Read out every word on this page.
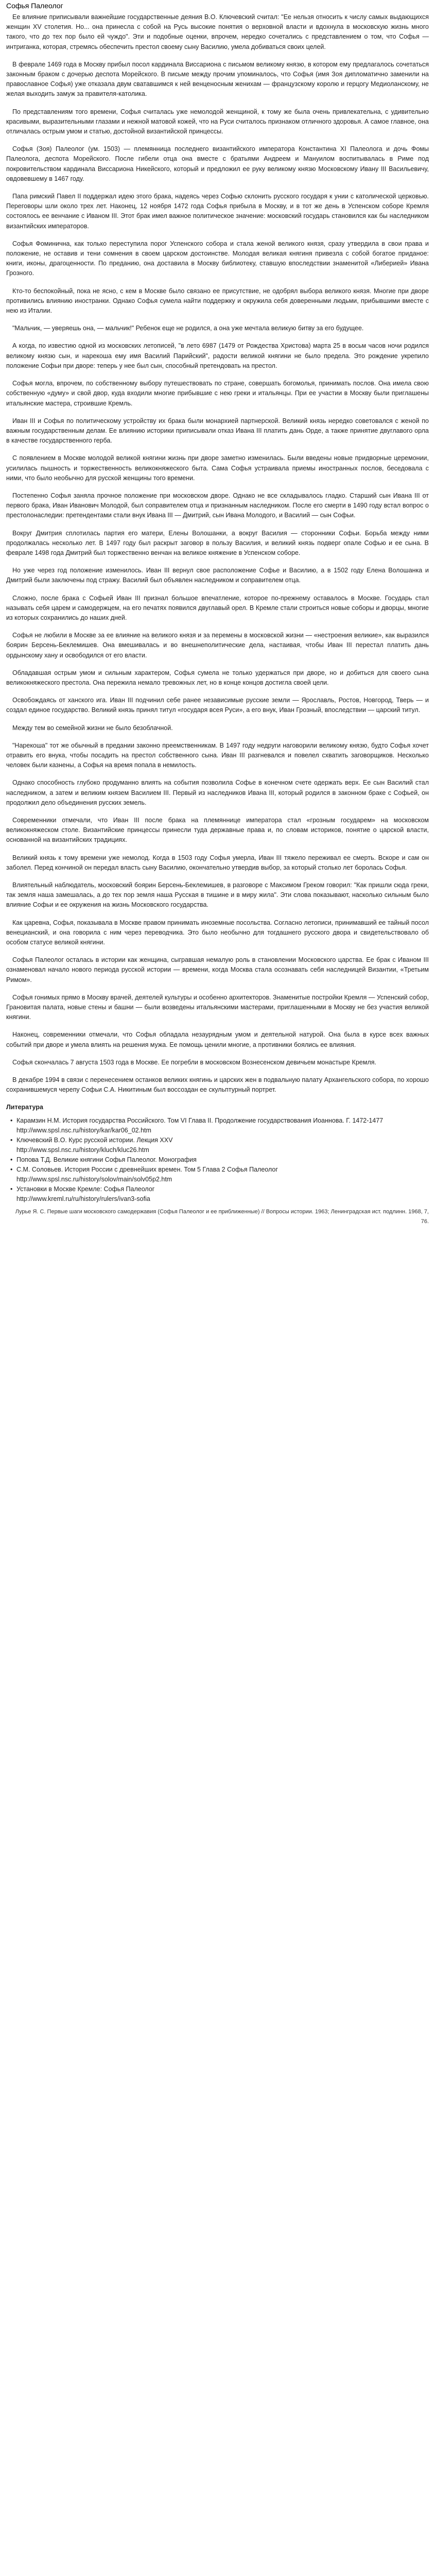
Софья Палеолог

Ее влияние приписывали важнейшие государственные деяния В.О. Ключевский считал: "Ее нельзя относить к числу самых выдающихся женщин XV столетия. Но... она принесла с собой на Русь высокие понятия о верховной власти и вдохнула в московскую жизнь много такого, что до тех пор было ей чуждо". Эти и подобные оценки, впрочем, нередко сочетались с представлением о том, что Софья — интриганка, которая, стремясь обеспечить престол своему сыну Василию, умела добиваться своих целей.

В феврале 1469 года в Москву прибыл посол кардинала Виссариона с письмом великому князю, в котором ему предлагалось сочетаться законным браком с дочерью деспота Морейского. В письме между прочим упоминалось, что Софья (имя Зоя дипломатично заменили на православное Софья) уже отказала двум сватавшимся к ней венценосным женихам — французскому королю и герцогу Медиоланскому, не желая выходить замуж за правителя-католика.

По представлениям того времени, Софья считалась уже немолодой женщиной, к тому же была очень привлекательна, с удивительно красивыми, выразительными глазами и нежной матовой кожей, что на Руси считалось признаком отличного здоровья. А самое главное, она отличалась острым умом и статью, достойной византийской принцессы.

Софья (Зоя) Палеолог (ум. 1503) — племянница последнего византийского императора Константина XI Палеолога и дочь Фомы Палеолога, деспота Морейского. После гибели отца она вместе с братьями Андреем и Мануилом воспитывалась в Риме под покровительством кардинала Виссариона Никейского, который и предложил ее руку великому князю Московскому Ивану III Васильевичу, овдовевшему в 1467 году.

Папа римский Павел II поддержал идею этого брака, надеясь через Софью склонить русского государя к унии с католической церковью. Переговоры шли около трех лет. Наконец, 12 ноября 1472 года Софья прибыла в Москву, и в тот же день в Успенском соборе Кремля состоялось ее венчание с Иваном III. Этот брак имел важное политическое значение: московский государь становился как бы наследником византийских императоров.

Софья Фоминична, как только переступила порог Успенского собора и стала женой великого князя, сразу утвердила в свои права и положение, не оставив и тени сомнения в своем царском достоинстве. Молодая великая княгиня привезла с собой богатое приданое: книги, иконы, драгоценности. По преданию, она доставила в Москву библиотеку, ставшую впоследствии знаменитой «Либерией» Ивана Грозного.

Кто-то беспокойный, пока не ясно, с кем в Москве было связано ее присутствие, не одобрял выбора великого князя. Многие при дворе противились влиянию иностранки. Однако Софья сумела найти поддержку и окружила себя доверенными людьми, прибывшими вместе с нею из Италии.

"Мальчик, — уверяешь она, — мальчик!" Ребенок еще не родился, а она уже мечтала великую битву за его будущее.

А когда, по известию одной из московских летописей, "в лето 6987 (1479 от Рождества Христова) марта 25 в восьм часов ночи родился великому князю сын, и нарекоша ему имя Василий Парийский", радости великой княгини не было предела. Это рождение укрепило положение Софьи при дворе: теперь у нее был сын, способный претендовать на престол.

Софья могла, впрочем, по собственному выбору путешествовать по стране, совершать богомолья, принимать послов. Она имела свою собственную «думу» и свой двор, куда входили многие прибывшие с нею греки и итальянцы. При ее участии в Москву были приглашены итальянские мастера, строившие Кремль.

Иван III и Софья по политическому устройству их брака были монархией партнерской. Великий князь нередко советовался с женой по важным государственным делам. Ее влиянию историки приписывали отказ Ивана III платить дань Орде, а также принятие двуглавого орла в качестве государственного герба.

С появлением в Москве молодой великой княгини жизнь при дворе заметно изменилась. Были введены новые придворные церемонии, усилилась пышность и торжественность великокняжеского быта. Сама Софья устраивала приемы иностранных послов, беседовала с ними, что было необычно для русской женщины того времени.

Постепенно Софья заняла прочное положение при московском дворе. Однако не все складывалось гладко. Старший сын Ивана III от первого брака, Иван Иванович Молодой, был соправителем отца и признанным наследником. После его смерти в 1490 году встал вопрос о престолонаследии: претендентами стали внук Ивана III — Дмитрий, сын Ивана Молодого, и Василий — сын Софьи.

Вокруг Дмитрия сплотилась партия его матери, Елены Волошанки, а вокруг Василия — сторонники Софьи. Борьба между ними продолжалась несколько лет. В 1497 году был раскрыт заговор в пользу Василия, и великий князь подверг опале Софью и ее сына. В феврале 1498 года Дмитрий был торжественно венчан на великое княжение в Успенском соборе.

Но уже через год положение изменилось. Иван III вернул свое расположение Софье и Василию, а в 1502 году Елена Волошанка и Дмитрий были заключены под стражу. Василий был объявлен наследником и соправителем отца.

Сложно, после брака с Софьей Иван III признал большое впечатление, которое по-прежнему оставалось в Москве. Государь стал называть себя царем и самодержцем, на его печатях появился двуглавый орел. В Кремле стали строиться новые соборы и дворцы, многие из которых сохранились до наших дней.

Софья не любили в Москве за ее влияние на великого князя и за перемены в московской жизни — «нестроения великие», как выразился боярин Берсень-Беклемишев. Она вмешивалась и во внешнеполитические дела, настаивая, чтобы Иван III перестал платить дань ордынскому хану и освободился от его власти.

Обладавшая острым умом и сильным характером, Софья сумела не только удержаться при дворе, но и добиться для своего сына великокняжеского престола. Она пережила немало тревожных лет, но в конце концов достигла своей цели.

Освобождаясь от ханского ига. Иван III подчинил себе ранее независимые русские земли — Ярославль, Ростов, Новгород, Тверь — и создал единое государство. Великий князь принял титул «государя всея Руси», а его внук, Иван Грозный, впоследствии — царский титул.

Между тем во семейной жизни не было безоблачной.

"Нарекоша" тот же обычный в предании законно преемственникам. В 1497 году недруги наговорили великому князю, будто Софья хочет отравить его внука, чтобы посадить на престол собственного сына. Иван III разгневался и повелел схватить заговорщиков. Несколько человек были казнены, а Софья на время попала в немилость.

Однако способность глубоко продуманно влиять на события позволила Софье в конечном счете одержать верх. Ее сын Василий стал наследником, а затем и великим князем Василием III. Первый из наследников Ивана III, который родился в законном браке с Софьей, он продолжил дело объединения русских земель.

Современники отмечали, что Иван III после брака на племяннице императора стал «грозным государем» на московском великокняжеском столе. Византийские принцессы принесли туда державные права и, по словам историков, понятие о царской власти, основанной на византийских традициях.

Великий князь к тому времени уже немолод. Когда в 1503 году Софья умерла, Иван III тяжело переживал ее смерть. Вскоре и сам он заболел. Перед кончиной он передал власть сыну Василию, окончательно утвердив выбор, за который столько лет боролась Софья.

Влиятельный наблюдатель, московский боярин Берсень-Беклемишев, в разговоре с Максимом Греком говорил: "Как пришли сюда греки, так земля наша замешалась, а до тех пор земля наша Русская в тишине и в миру жила". Эти слова показывают, насколько сильным было влияние Софьи и ее окружения на жизнь Московского государства.

Как царевна, Софья, показывала в Москве правом принимать иноземные посольства. Согласно летописи, принимавший ее тайный посол венецианский, и она говорила с ним через переводчика. Это было необычно для тогдашнего русского двора и свидетельствовало об особом статусе великой княгини.

Софья Палеолог осталась в истории как женщина, сыгравшая немалую роль в становлении Московского царства. Ее брак с Иваном III ознаменовал начало нового периода русской истории — времени, когда Москва стала осознавать себя наследницей Византии, «Третьим Римом».

Софья гонимых прямо в Москву врачей, деятелей культуры и особенно архитекторов. Знаменитые постройки Кремля — Успенский собор, Грановитая палата, новые стены и башни — были возведены итальянскими мастерами, приглашенными в Москву не без участия великой княгини.

Наконец, современники отмечали, что Софья обладала незаурядным умом и деятельной натурой. Она была в курсе всех важных событий при дворе и умела влиять на решения мужа. Ее помощь ценили многие, а противники боялись ее влияния.

Софья скончалась 7 августа 1503 года в Москве. Ее погребли в московском Вознесенском девичьем монастыре Кремля.

В декабре 1994 в связи с перенесением останков великих княгинь и царских жен в подвальную палату Архангельского собора, по хорошо сохранившемуся черепу Софьи С.А. Никитиным был воссоздан ее скульптурный портрет.

Литература
• Карамзин Н.М. История государства Российского. Том VI Глава II. Продолжение государствования Иоаннова. Г. 1472-1477
http://www.spsl.nsc.ru/history/kar/kar06_02.htm
• Ключевский В.О. Курс русской истории. Лекция XXV
http://www.spsl.nsc.ru/history/kluch/kluc26.htm
• Попова Т.Д. Великие княгини Софья Палеолог. Монография
• С.М. Соловьев. История России с древнейших времен. Том 5 Глава 2 Софья Палеолог
http://www.spsl.nsc.ru/history/solov/main/solv05p2.htm
• Установки в Москве Кремле: Софья Палеолог
http://www.kreml.ru/ru/history/rulers/ivan3-sofia
Лурье Я. С. Первые шаги московского самодержавия (Софья Палеолог и ее приближенные) // Вопросы истории. 1963; Ленинградская ист. подлинн. 1968, 7, 76.
